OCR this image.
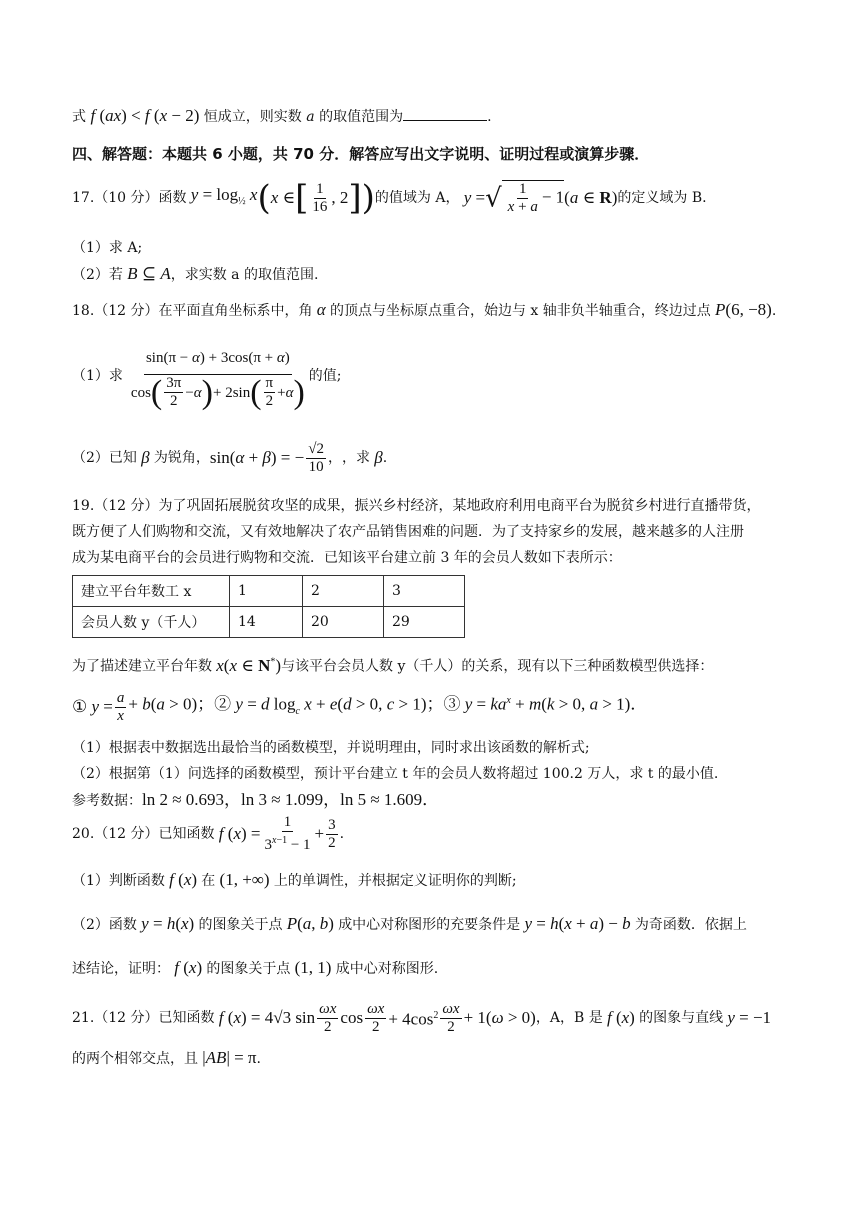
式 f (ax) < f (x − 2) 恒成立，则实数 a 的取值范围为	.
四、解答题：本题共 6 小题，共 70 分．解答应写出文字说明、证明过程或演算步骤．
17.（10 分）函数 $y = \log_{\frac{1}{2}} x$ ( x ∈ [ 1
16 , 2 ] ) 的值域为 A， y = √ $\frac{1}{x + a} - 1$ (a ∈ R) 的定义域为 B.
（1）求 A;
（2）若 B ⊆ A，求实数 a 的取值范围.
18.（12 分）在平面直角坐标系中，角 α 的顶点与坐标原点重合，始边与 x 轴非负半轴重合，终边过点 P(6, −8).
（1）求
sin(π − α) + 3cos(π + α)
cos ( 3π
2
− α ) + 2sin ( π
2
+ α ) 的值;
（2）已知 β 为锐角， sin(α + β) = − $\frac{√2}{10}$ ， ，求 β .
19.（12 分）为了巩固拓展脱贫攻坚的成果，振兴乡村经济，某地政府利用电商平台为脱贫乡村进行直播带货，
既方便了人们购物和交流，又有效地解决了农产品销售困难的问题．为了支持家乡的发展，越来越多的人注册
成为某电商平台的会员进行购物和交流．已知该平台建立前 3 年的会员人数如下表所示：
建立平台年数工 x	1	2	3
会员人数 y（千人）	14	20	29
为了描述建立平台年数 x(x ∈ N*)与该平台会员人数 y（千人）的关系，现有以下三种函数模型供选择：
① $y = \frac{a}{x} + b(a > 0)$；② y = d $\log_c x + e(d > 0$, c > 1)；③ $y = ka^x + m(k > 0$, a > 1)．
（1）根据表中数据选出最恰当的函数模型，并说明理由，同时求出该函数的解析式;
（2）根据第（1）问选择的函数模型，预计平台建立 t 年的会员人数将超过 100.2 万人，求 t 的最小值.
参考数据：ln 2 ≈ 0.693，ln 3 ≈ 1.099，ln 5 ≈ 1.609．
20.（12 分）已知函数 f $(x) = \frac{1}{3^{x-1} - 1} + \frac{3}{2}$ .
（1）判断函数 f (x) 在 (1, +∞) 上的单调性，并根据定义证明你的判断;
（2）函数 y = h(x) 的图象关于点 P(a, b) 成中心对称图形的充要条件是 y = h(x + a) − b 为奇函数．依据上
述结论，证明： f (x) 的图象关于点 (1, 1) 成中心对称图形.
21.（12 分）已知函数 f (x) = 4√3 sin ωx
2 cos ωx
$2 + 4\cos^2$ ωx
2 + 1(ω > 0) ，A，B 是 f (x) 的图象与直线 y = −1
的两个相邻交点，且 |AB| = π.
